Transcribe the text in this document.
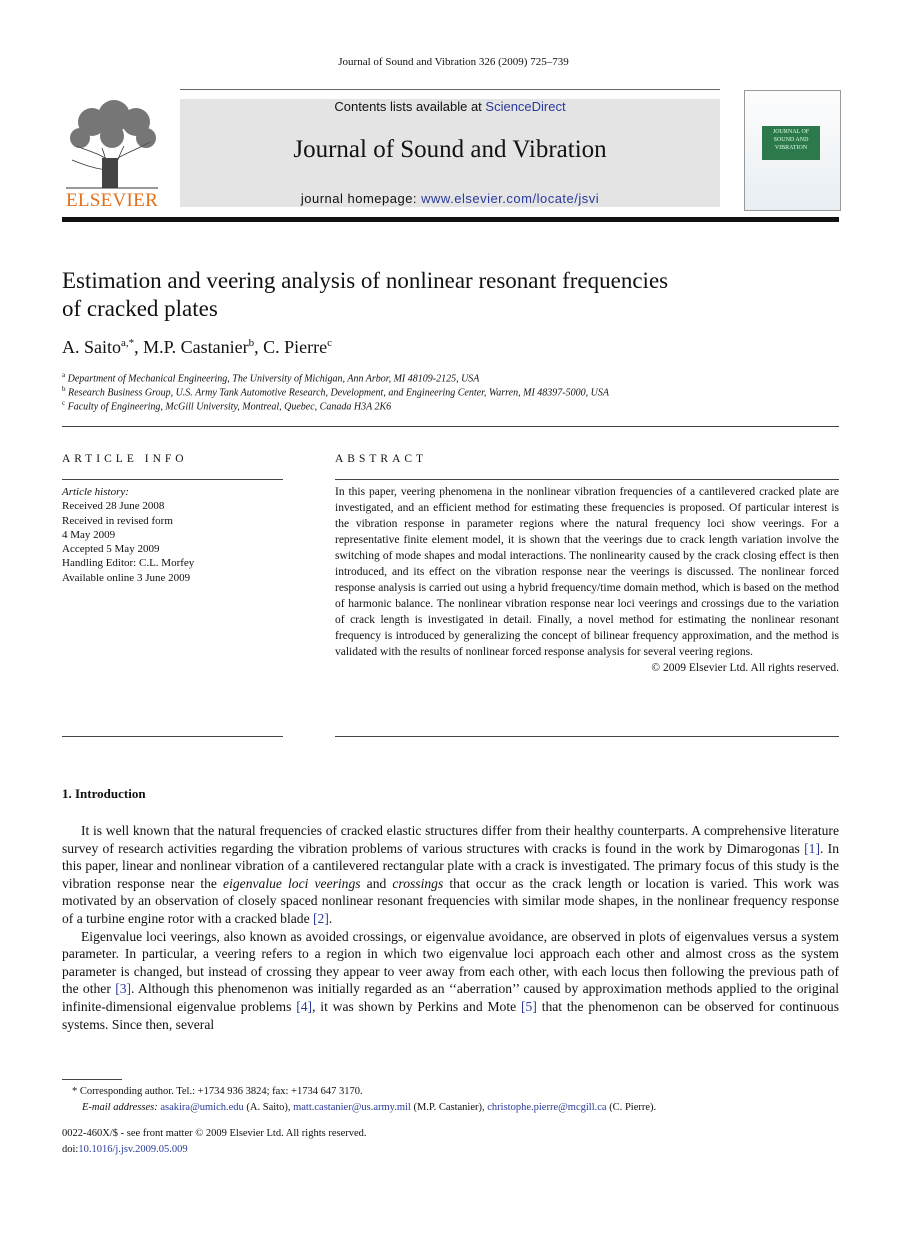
Journal of Sound and Vibration 326 (2009) 725–739
Contents lists available at ScienceDirect
Journal of Sound and Vibration
journal homepage: www.elsevier.com/locate/jsvi
ELSEVIER
JOURNAL OF SOUND AND VIBRATION
Estimation and veering analysis of nonlinear resonant frequencies
of cracked plates
A. Saito$^{a,*}$, M.P. Castanier$^b$, C. Pierre$^c$
$^a$ Department of Mechanical Engineering, The University of Michigan, Ann Arbor, MI 48109-2125, USA
$^b$ Research Business Group, U.S. Army Tank Automotive Research, Development, and Engineering Center, Warren, MI 48397-5000, USA
$^c$ Faculty of Engineering, McGill University, Montreal, Quebec, Canada H3A 2K6
ARTICLE INFO
Article history:
Received 28 June 2008
Received in revised form
4 May 2009
Accepted 5 May 2009
Handling Editor: C.L. Morfey
Available online 3 June 2009
ABSTRACT
In this paper, veering phenomena in the nonlinear vibration frequencies of a cantilevered cracked plate are investigated, and an efficient method for estimating these frequencies is proposed. Of particular interest is the vibration response in parameter regions where the natural frequency loci show veerings. For a representative finite element model, it is shown that the veerings due to crack length variation involve the switching of mode shapes and modal interactions. The nonlinearity caused by the crack closing effect is then introduced, and its effect on the vibration response near the veerings is discussed. The nonlinear forced response analysis is carried out using a hybrid frequency/time domain method, which is based on the method of harmonic balance. The nonlinear vibration response near loci veerings and crossings due to the variation of crack length is investigated in detail. Finally, a novel method for estimating the nonlinear resonant frequency is introduced by generalizing the concept of bilinear frequency approximation, and the method is validated with the results of nonlinear forced response analysis for several veering regions.
© 2009 Elsevier Ltd. All rights reserved.
1. Introduction

It is well known that the natural frequencies of cracked elastic structures differ from their healthy counterparts. A comprehensive literature survey of research activities regarding the vibration problems of various structures with cracks is found in the work by Dimarogonas [1]. In this paper, linear and nonlinear vibration of a cantilevered rectangular plate with a crack is investigated. The primary focus of this study is the vibration response near the eigenvalue loci veerings and crossings that occur as the crack length or location is varied. This work was motivated by an observation of closely spaced nonlinear resonant frequencies with similar mode shapes, in the nonlinear frequency response of a turbine engine rotor with a cracked blade [2].

Eigenvalue loci veerings, also known as avoided crossings, or eigenvalue avoidance, are observed in plots of eigenvalues versus a system parameter. In particular, a veering refers to a region in which two eigenvalue loci approach each other and almost cross as the system parameter is changed, but instead of crossing they appear to veer away from each other, with each locus then following the previous path of the other [3]. Although this phenomenon was initially regarded as an ‘‘aberration’’ caused by approximation methods applied to the original infinite-dimensional eigenvalue problems [4], it was shown by Perkins and Mote [5] that the phenomenon can be observed for continuous systems. Since then, several

* Corresponding author. Tel.: +1734 936 3824; fax: +1734 647 3170.
E-mail addresses: asakira@umich.edu (A. Saito), matt.castanier@us.army.mil (M.P. Castanier), christophe.pierre@mcgill.ca (C. Pierre).
0022-460X/$ - see front matter © 2009 Elsevier Ltd. All rights reserved.
doi:10.1016/j.jsv.2009.05.009
